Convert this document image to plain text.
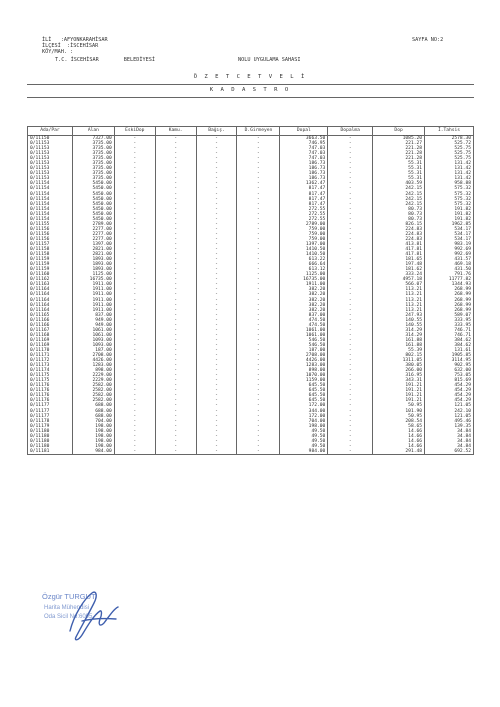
İLİ   :AFYONKARAHİSAR
İLÇESİ  :İSCEHİSAR
KÖY/MAH. :
T.C. İSCEHİSAR        BELEDİYESİ	NOLU UYGULAMA SAHASI
SAYFA NO:2
Ö Z E T C E T V E L İ
K A D A S T R O
Ada/Par	Alan	EskiDop	Kamu.	Bağış.	D.Girmeyen	Dopal	Dopalma	Dop	İ.Tahsis
0/11150	7327.00	-	-	-	-	3663.50	-	1085.20	2578.30
0/11153	3735.00	-	-	-	-	746.95	-	221.27	525.72
0/11153	3735.00	-	-	-	-	747.03	-	221.28	525.75
0/11153	3735.00	-	-	-	-	747.03	-	221.28	525.75
0/11153	3735.00	-	-	-	-	747.03	-	221.28	525.75
0/11153	3735.00	-	-	-	-	186.73	-	55.31	131.42
0/11153	3735.00	-	-	-	-	186.73	-	55.31	131.42
0/11153	3735.00	-	-	-	-	186.73	-	55.31	131.42
0/11153	3735.00	-	-	-	-	186.73	-	55.31	131.42
0/11154	5450.00	-	-	-	-	1362.47	-	403.59	958.88
0/11154	5450.00	-	-	-	-	817.47	-	242.15	575.32
0/11154	5450.00	-	-	-	-	817.47	-	242.15	575.32
0/11154	5450.00	-	-	-	-	817.47	-	242.15	575.32
0/11154	5450.00	-	-	-	-	817.47	-	242.15	575.32
0/11154	5450.00	-	-	-	-	272.55	-	80.73	191.82
0/11154	5450.00	-	-	-	-	272.55	-	80.73	191.82
0/11154	5450.00	-	-	-	-	272.55	-	80.73	191.82
0/11155	2789.00	-	-	-	-	2789.00	-	826.15	1962.85
0/11156	2277.00	-	-	-	-	759.00	-	224.83	534.17
0/11156	2277.00	-	-	-	-	759.00	-	224.83	534.17
0/11156	2277.00	-	-	-	-	759.00	-	224.83	534.17
0/11157	1397.00	-	-	-	-	1397.00	-	413.81	983.19
0/11158	2821.00	-	-	-	-	1410.50	-	417.81	992.69
0/11158	2821.00	-	-	-	-	1410.50	-	417.81	992.69
0/11159	1893.00	-	-	-	-	613.22	-	181.65	431.57
0/11159	1893.00	-	-	-	-	666.64	-	197.48	469.18
0/11159	1893.00	-	-	-	-	613.12	-	181.62	431.50
0/11160	1125.00	-	-	-	-	1125.00	-	333.24	791.76
0/11162	16735.00	-	-	-	-	16735.00	-	4957.18	11777.82
0/11163	1911.00	-	-	-	-	1911.00	-	566.07	1344.93
0/11164	1911.00	-	-	-	-	382.20	-	113.21	268.99
0/11164	1911.00	-	-	-	-	382.20	-	113.21	268.99
0/11164	1911.00	-	-	-	-	382.20	-	113.21	268.99
0/11164	1911.00	-	-	-	-	382.20	-	113.21	268.99
0/11164	1911.00	-	-	-	-	382.20	-	113.21	268.99
0/11165	837.00	-	-	-	-	837.00	-	247.93	589.07
0/11166	949.00	-	-	-	-	474.50	-	140.55	333.95
0/11166	949.00	-	-	-	-	474.50	-	140.55	333.95
0/11167	1061.00	-	-	-	-	1061.00	-	314.29	746.71
0/11168	1061.00	-	-	-	-	1061.00	-	314.29	746.71
0/11169	1093.00	-	-	-	-	546.50	-	161.88	384.62
0/11169	1093.00	-	-	-	-	546.50	-	161.88	384.62
0/11170	187.00	-	-	-	-	187.00	-	55.39	131.61
0/11171	2708.00	-	-	-	-	2708.00	-	802.15	1905.85
0/11172	4426.00	-	-	-	-	4426.00	-	1311.05	3114.95
0/11173	1283.00	-	-	-	-	1283.00	-	380.05	902.95
0/11174	898.00	-	-	-	-	898.00	-	266.00	632.00
0/11175	2229.00	-	-	-	-	1070.00	-	316.95	753.05
0/11175	2229.00	-	-	-	-	1159.00	-	343.31	815.69
0/11176	2582.00	-	-	-	-	645.50	-	191.21	454.29
0/11176	2582.00	-	-	-	-	645.50	-	191.21	454.29
0/11176	2582.00	-	-	-	-	645.50	-	191.21	454.29
0/11176	2582.00	-	-	-	-	645.50	-	191.21	454.29
0/11177	688.00	-	-	-	-	172.00	-	50.95	121.05
0/11177	688.00	-	-	-	-	344.00	-	101.90	242.10
0/11177	688.00	-	-	-	-	172.00	-	50.95	121.05
0/11178	704.00	-	-	-	-	704.00	-	208.54	495.46
0/11179	198.00	-	-	-	-	198.00	-	58.65	139.35
0/11180	198.00	-	-	-	-	49.50	-	14.66	34.84
0/11180	198.00	-	-	-	-	49.50	-	14.66	34.84
0/11180	198.00	-	-	-	-	49.50	-	14.66	34.84
0/11180	198.00	-	-	-	-	49.50	-	14.66	34.84
0/11181	984.00	-	-	-	-	984.00	-	291.48	692.52
Özgür TURGUT
Harita Mühendisi
Oda Sicil No:6095
